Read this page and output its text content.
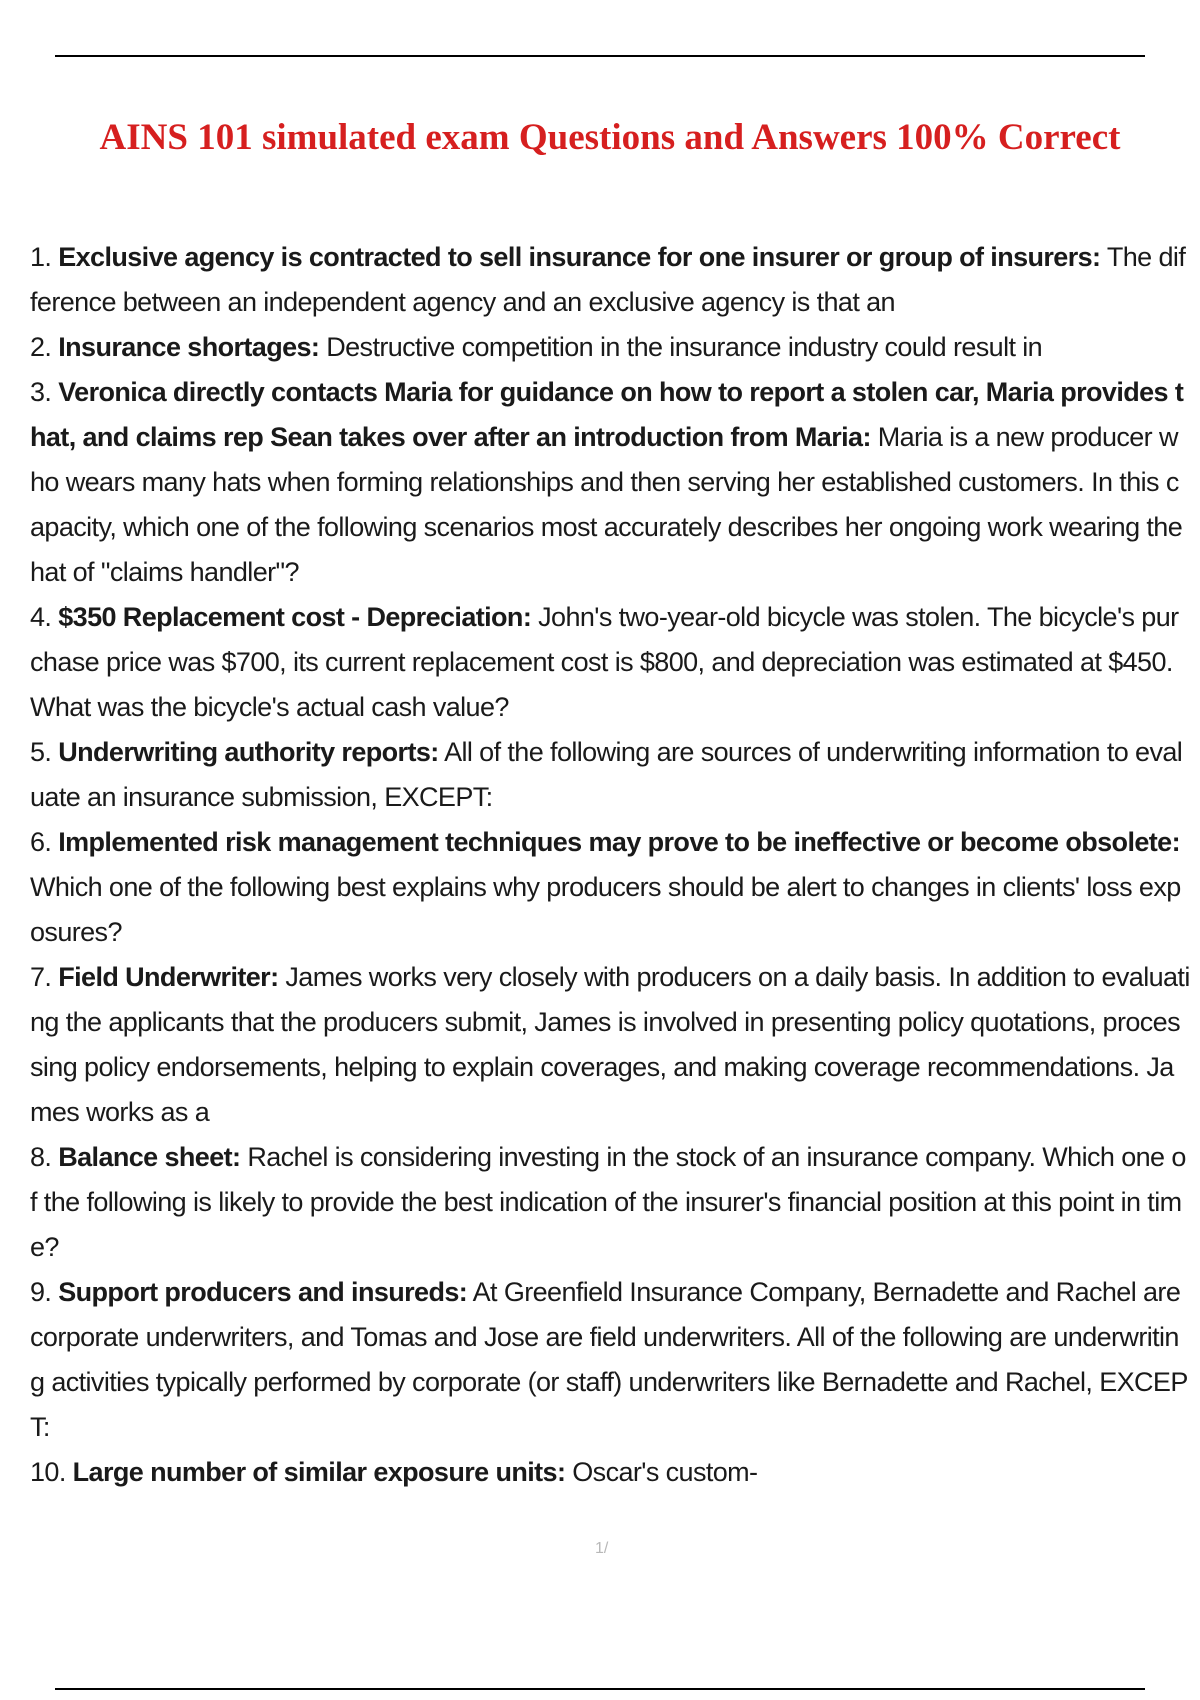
AINS 101 simulated exam Questions and Answers 100% Correct
1. Exclusive agency is contracted to sell insurance for one insurer or group of insurers: The difference between an independent agency and an exclusive agency is that an
2. Insurance shortages: Destructive competition in the insurance industry could result in
3. Veronica directly contacts Maria for guidance on how to report a stolen car, Maria provides that, and claims rep Sean takes over after an introduction from Maria: Maria is a new producer who wears many hats when forming relationships and then serving her established customers. In this capacity, which one of the following scenarios most accurately describes her ongoing work wearing the hat of "claims handler"?
4. $350 Replacement cost - Depreciation: John's two-year-old bicycle was stolen. The bicycle's purchase price was $700, its current replacement cost is $800, and depreciation was estimated at $450. What was the bicycle's actual cash value?
5. Underwriting authority reports: All of the following are sources of underwriting information to evaluate an insurance submission, EXCEPT:
6. Implemented risk management techniques may prove to be ineffective or become obsolete: Which one of the following best explains why producers should be alert to changes in clients' loss exposures?
7. Field Underwriter: James works very closely with producers on a daily basis. In addition to evaluating the applicants that the producers submit, James is involved in presenting policy quotations, processing policy endorsements, helping to explain coverages, and making coverage recommendations. James works as a
8. Balance sheet: Rachel is considering investing in the stock of an insurance company. Which one of the following is likely to provide the best indication of the insurer's financial position at this point in time?
9. Support producers and insureds: At Greenfield Insurance Company, Bernadette and Rachel are corporate underwriters, and Tomas and Jose are field underwriters. All of the following are underwriting activities typically performed by corporate (or staff) underwriters like Bernadette and Rachel, EXCEPT:
10. Large number of similar exposure units: Oscar's custom-
1/
